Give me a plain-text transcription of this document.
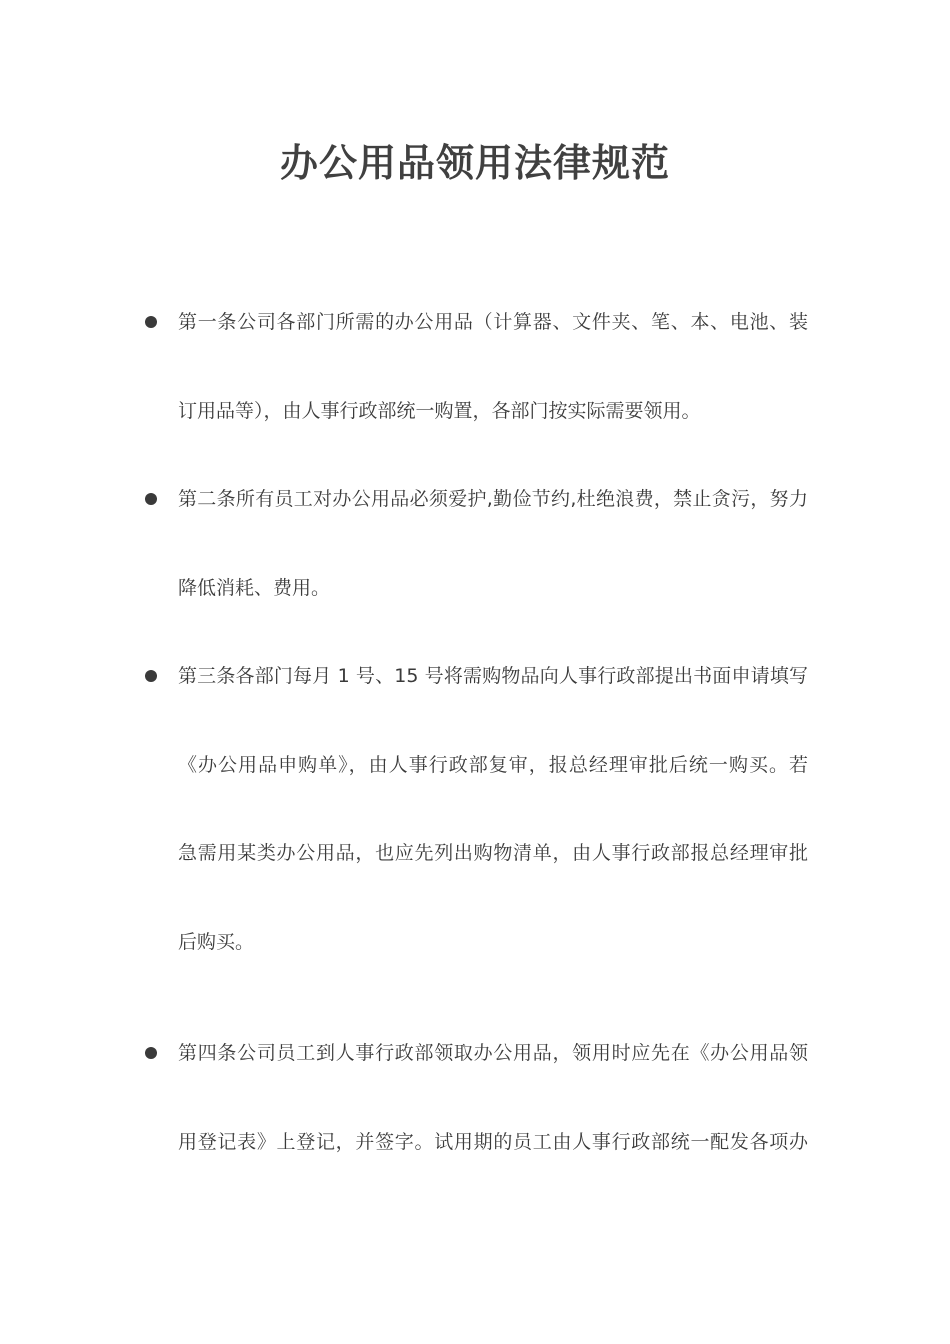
办公用品领用法律规范

第一条公司各部门所需的办公用品（计算器、文件夹、笔、本、电池、装
订用品等），由人事行政部统一购置，各部门按实际需要领用。

第二条所有员工对办公用品必须爱护,勤俭节约,杜绝浪费，禁止贪污，努力
降低消耗、费用。

第三条各部门每月 1 号、15 号将需购物品向人事行政部提出书面申请填写
《办公用品申购单》，由人事行政部复审，报总经理审批后统一购买。若
急需用某类办公用品，也应先列出购物清单，由人事行政部报总经理审批
后购买。

第四条公司员工到人事行政部领取办公用品，领用时应先在《办公用品领
用登记表》上登记，并签字。试用期的员工由人事行政部统一配发各项办
